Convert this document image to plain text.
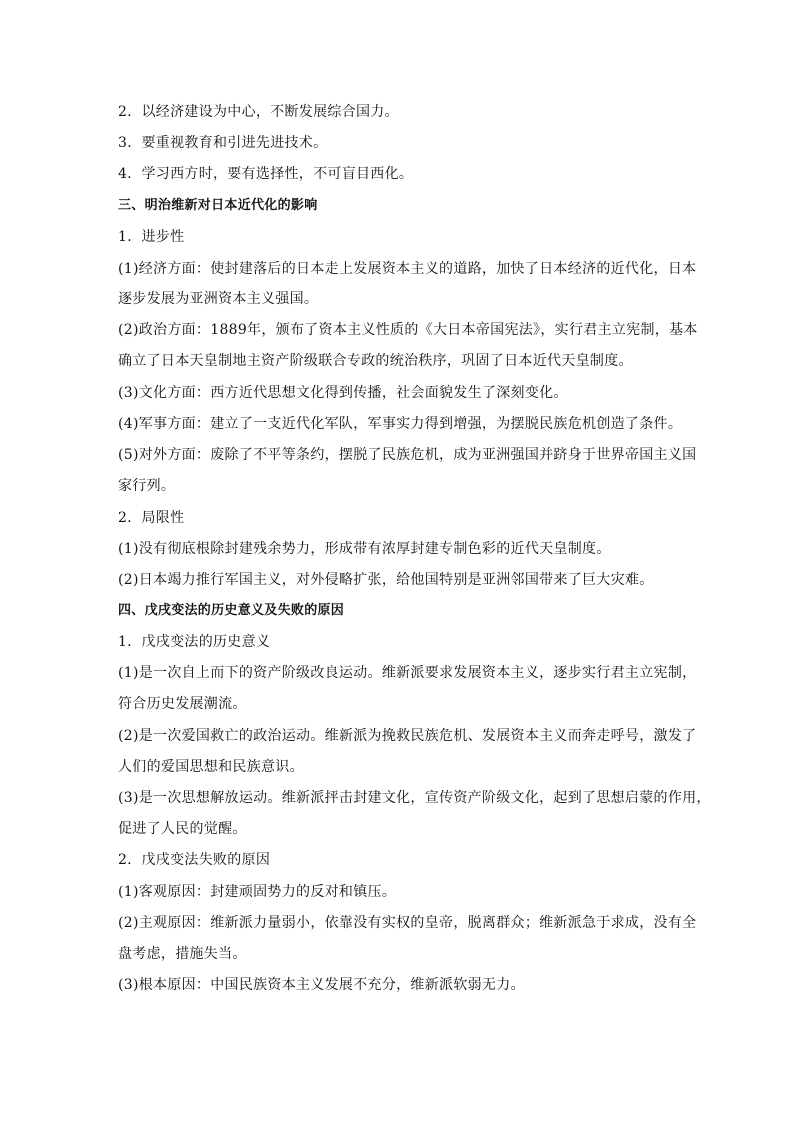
2．以经济建设为中心，不断发展综合国力。
3．要重视教育和引进先进技术。
4．学习西方时，要有选择性，不可盲目西化。
三、明治维新对日本近代化的影响
1．进步性
(1)经济方面：使封建落后的日本走上发展资本主义的道路，加快了日本经济的近代化，日本
逐步发展为亚洲资本主义强国。
(2)政治方面：1889年，颁布了资本主义性质的《大日本帝国宪法》，实行君主立宪制，基本
确立了日本天皇制地主资产阶级联合专政的统治秩序，巩固了日本近代天皇制度。
(3)文化方面：西方近代思想文化得到传播，社会面貌发生了深刻变化。
(4)军事方面：建立了一支近代化军队，军事实力得到增强，为摆脱民族危机创造了条件。
(5)对外方面：废除了不平等条约，摆脱了民族危机，成为亚洲强国并跻身于世界帝国主义国
家行列。
2．局限性
(1)没有彻底根除封建残余势力，形成带有浓厚封建专制色彩的近代天皇制度。
(2)日本竭力推行军国主义，对外侵略扩张，给他国特别是亚洲邻国带来了巨大灾难。
四、戊戌变法的历史意义及失败的原因
1．戊戌变法的历史意义
(1)是一次自上而下的资产阶级改良运动。维新派要求发展资本主义，逐步实行君主立宪制，
符合历史发展潮流。
(2)是一次爱国救亡的政治运动。维新派为挽救民族危机、发展资本主义而奔走呼号，激发了
人们的爱国思想和民族意识。
(3)是一次思想解放运动。维新派抨击封建文化，宣传资产阶级文化，起到了思想启蒙的作用，
促进了人民的觉醒。
2．戊戌变法失败的原因
(1)客观原因：封建顽固势力的反对和镇压。
(2)主观原因：维新派力量弱小，依靠没有实权的皇帝，脱离群众；维新派急于求成，没有全
盘考虑，措施失当。
(3)根本原因：中国民族资本主义发展不充分，维新派软弱无力。
